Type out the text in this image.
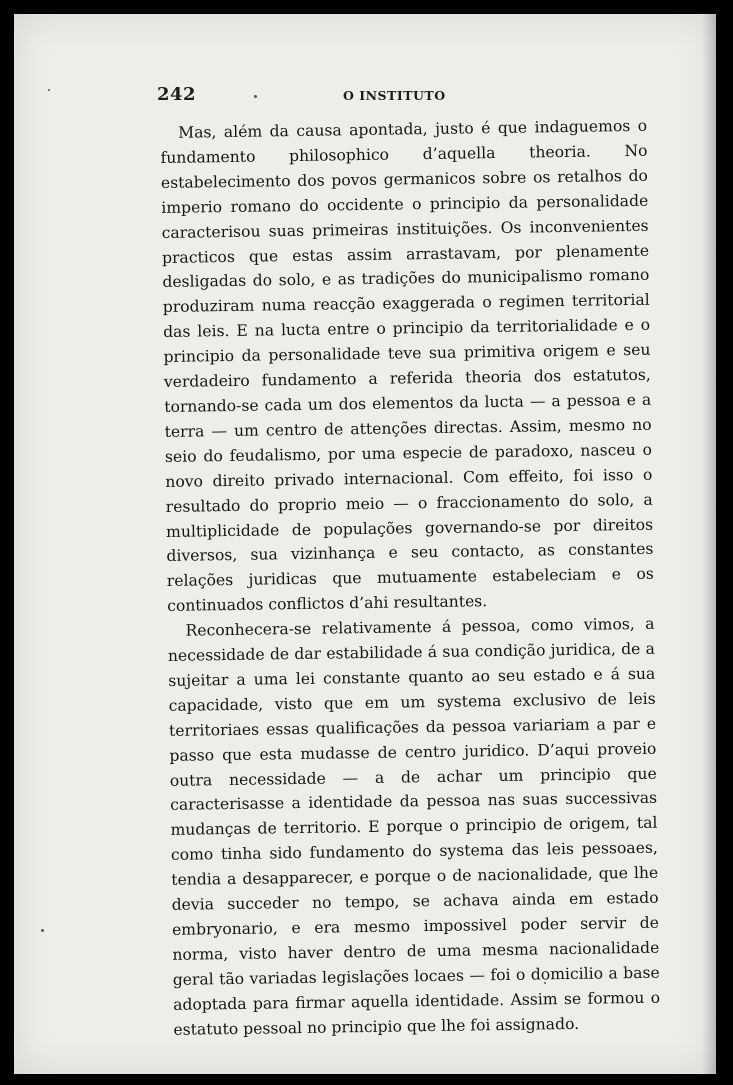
242	O INSTITUTO

Mas, além da causa apontada, justo é que indaguemos o fundamento philosophico d’aquella theoria. No estabelecimento dos povos germanicos sobre os retalhos do imperio romano do occidente o principio da personalidade caracterisou suas primeiras instituições. Os inconvenientes practicos que estas assim arrastavam, por plenamente desligadas do solo, e as tradições do municipalismo romano produziram numa reacção exaggerada o regimen territorial das leis. E na lucta entre o principio da territorialidade e o principio da personalidade teve sua primitiva origem e seu verdadeiro fundamento a referida theoria dos estatutos, tornando-se cada um dos elementos da lucta — a pessoa e a terra — um centro de attenções directas. Assim, mesmo no seio do feudalismo, por uma especie de paradoxo, nasceu o novo direito privado internacional. Com effeito, foi isso o resultado do proprio meio — o fraccionamento do solo, a multiplicidade de populações governando-se por direitos diversos, sua vizinhança e seu contacto, as constantes relações juridicas que mutuamente estabeleciam e os continuados conflictos d’ahi resultantes.

Reconhecera-se relativamente á pessoa, como vimos, a necessidade de dar estabilidade á sua condição juridica, de a sujeitar a uma lei constante quanto ao seu estado e á sua capacidade, visto que em um systema exclusivo de leis territoriaes essas qualificações da pessoa variariam a par e passo que esta mudasse de centro juridico. D’aqui proveio outra necessidade — a de achar um principio que caracterisasse a identidade da pessoa nas suas successivas mudanças de territorio. E porque o principio de origem, tal como tinha sido fundamento do systema das leis pessoaes, tendia a desapparecer, e porque o de nacionalidade, que lhe devia succeder no tempo, se achava ainda em estado embryonario, e era mesmo impossivel poder servir de norma, visto haver dentro de uma mesma nacionalidade geral tão variadas legislações locaes — foi o domicilio a base adoptada para firmar aquella identidade. Assim se formou o estatuto pessoal no principio que lhe foi assignado.
